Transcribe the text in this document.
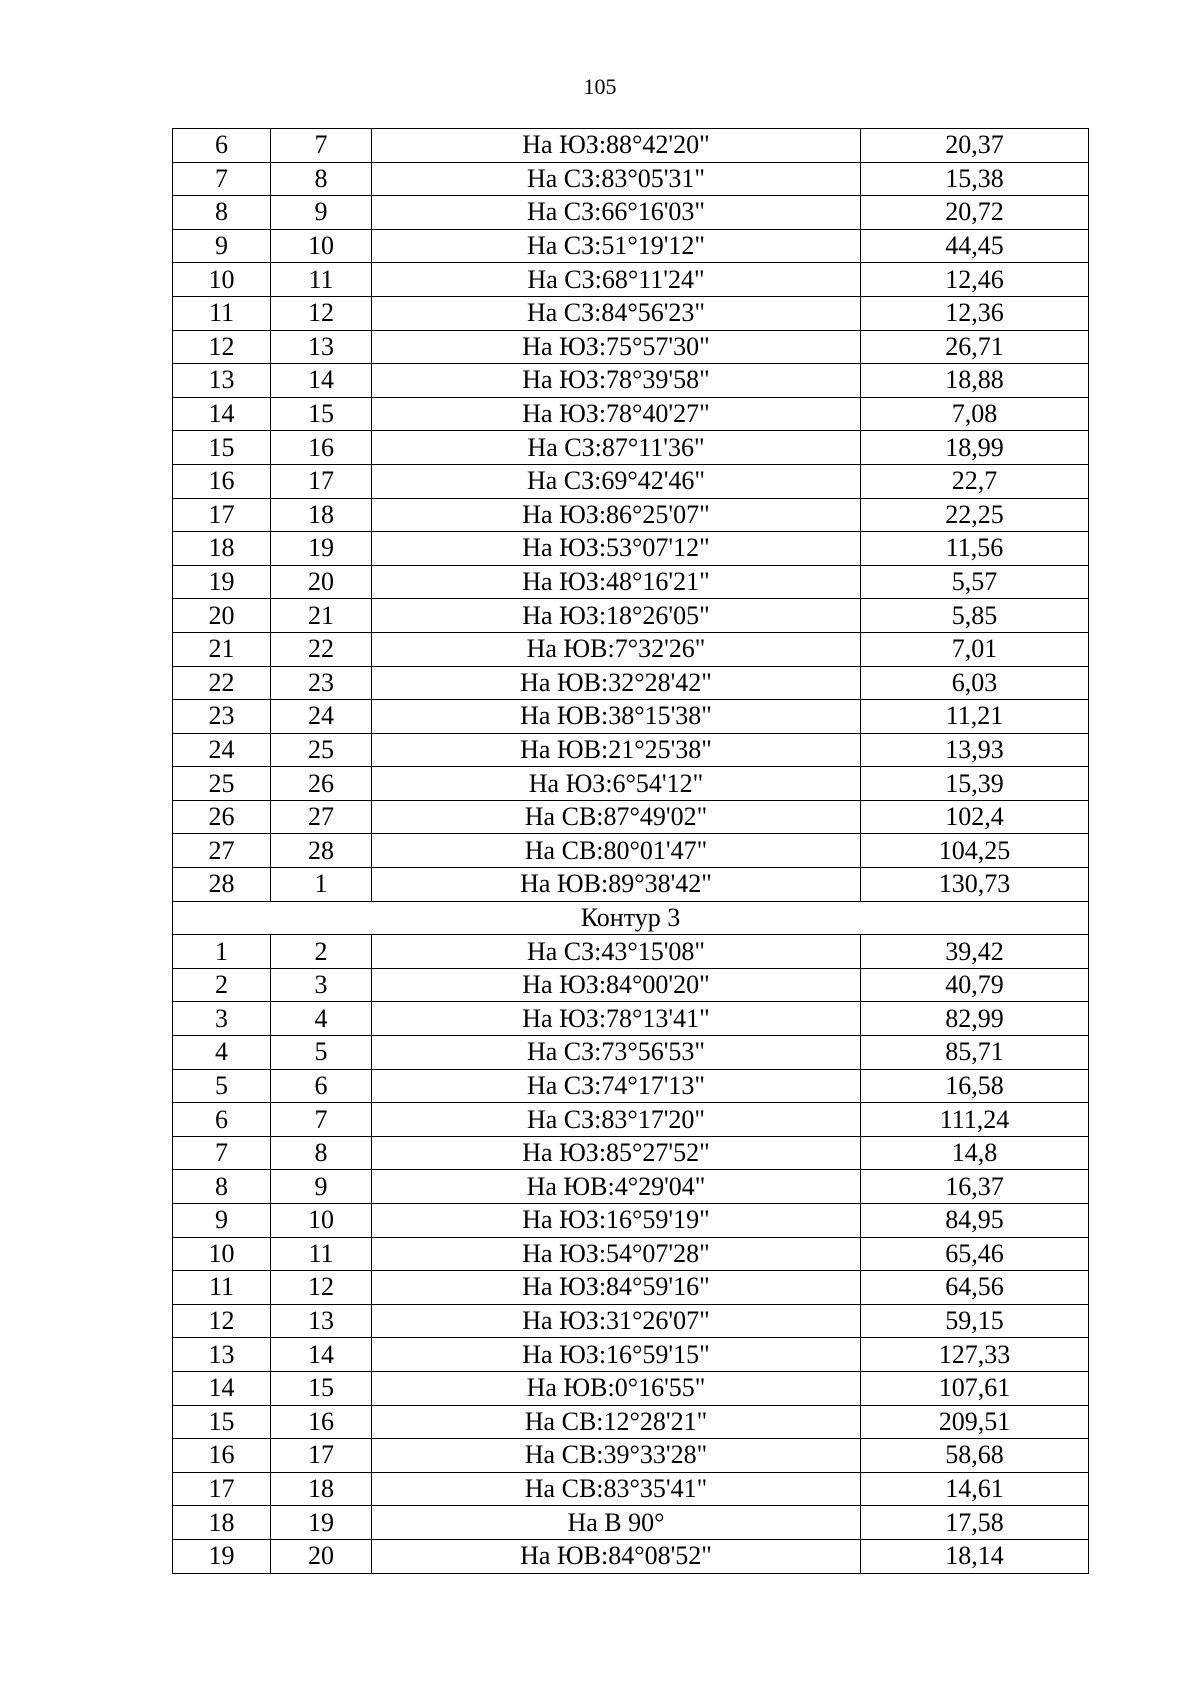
105
6	7	На ЮЗ:88°42'20"	20,37
7	8	На СЗ:83°05'31"	15,38
8	9	На СЗ:66°16'03"	20,72
9	10	На СЗ:51°19'12"	44,45
10	11	На СЗ:68°11'24"	12,46
11	12	На СЗ:84°56'23"	12,36
12	13	На ЮЗ:75°57'30"	26,71
13	14	На ЮЗ:78°39'58"	18,88
14	15	На ЮЗ:78°40'27"	7,08
15	16	На СЗ:87°11'36"	18,99
16	17	На СЗ:69°42'46"	22,7
17	18	На ЮЗ:86°25'07"	22,25
18	19	На ЮЗ:53°07'12"	11,56
19	20	На ЮЗ:48°16'21"	5,57
20	21	На ЮЗ:18°26'05"	5,85
21	22	На ЮВ:7°32'26"	7,01
22	23	На ЮВ:32°28'42"	6,03
23	24	На ЮВ:38°15'38"	11,21
24	25	На ЮВ:21°25'38"	13,93
25	26	На ЮЗ:6°54'12"	15,39
26	27	На СВ:87°49'02"	102,4
27	28	На СВ:80°01'47"	104,25
28	1	На ЮВ:89°38'42"	130,73
Контур 3			
1	2	На СЗ:43°15'08"	39,42
2	3	На ЮЗ:84°00'20"	40,79
3	4	На ЮЗ:78°13'41"	82,99
4	5	На СЗ:73°56'53"	85,71
5	6	На СЗ:74°17'13"	16,58
6	7	На СЗ:83°17'20"	111,24
7	8	На ЮЗ:85°27'52"	14,8
8	9	На ЮВ:4°29'04"	16,37
9	10	На ЮЗ:16°59'19"	84,95
10	11	На ЮЗ:54°07'28"	65,46
11	12	На ЮЗ:84°59'16"	64,56
12	13	На ЮЗ:31°26'07"	59,15
13	14	На ЮЗ:16°59'15"	127,33
14	15	На ЮВ:0°16'55"	107,61
15	16	На СВ:12°28'21"	209,51
16	17	На СВ:39°33'28"	58,68
17	18	На СВ:83°35'41"	14,61
18	19	На В 90°	17,58
19	20	На ЮВ:84°08'52"	18,14
